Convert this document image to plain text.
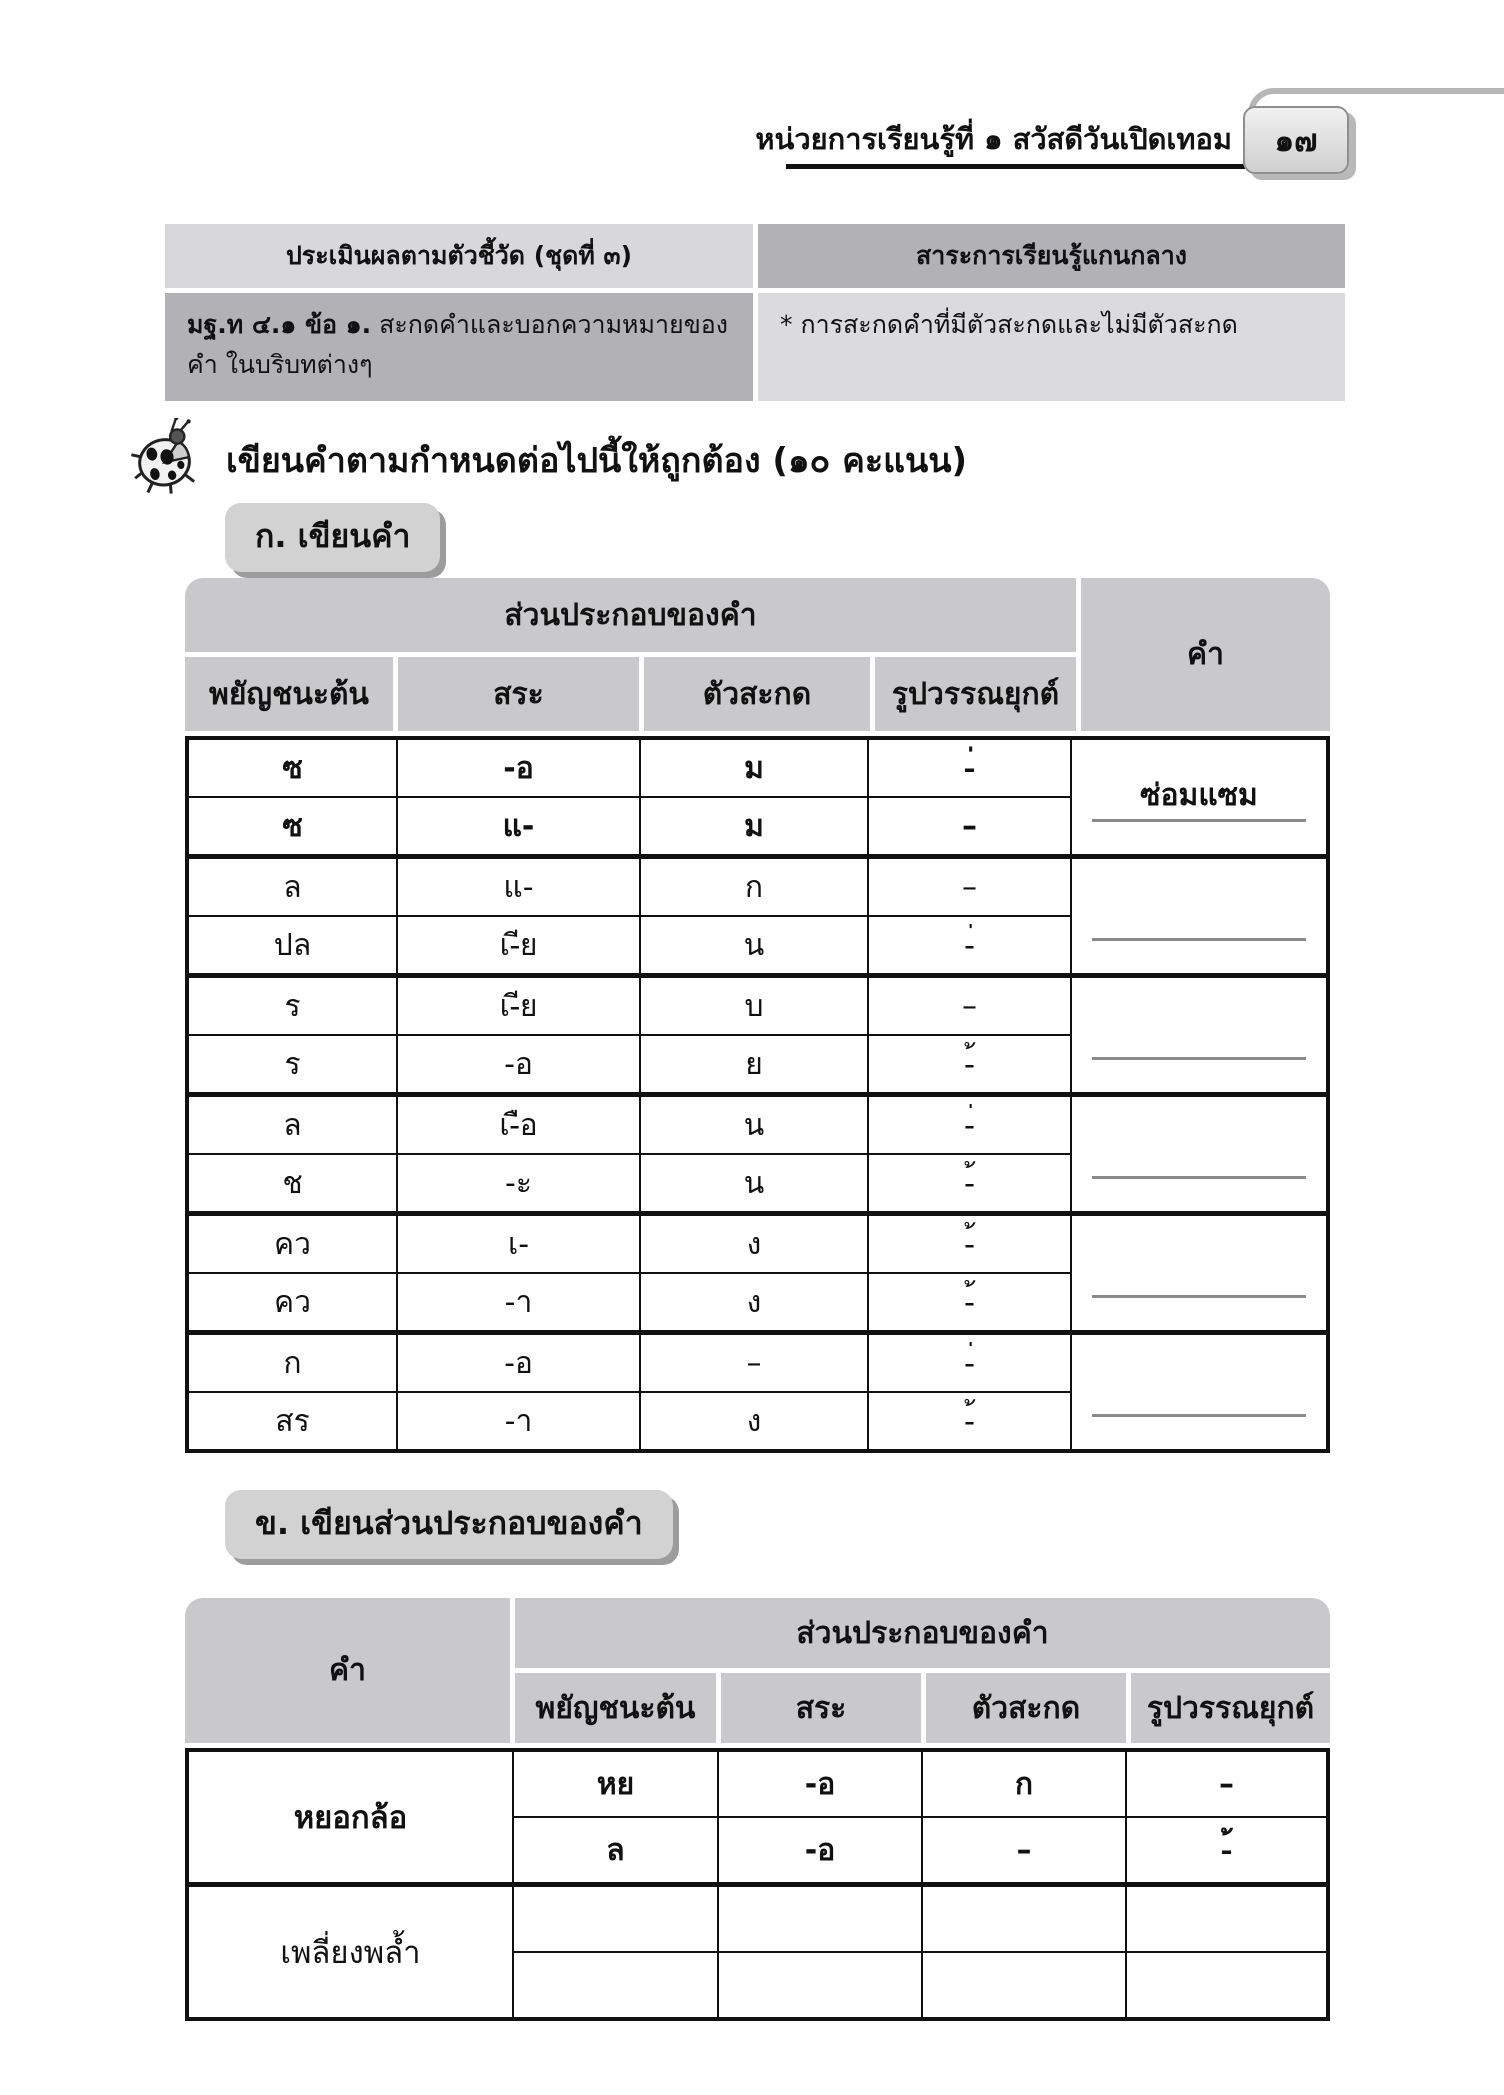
หน่วยการเรียนรู้ที่ ๑ สวัสดีวันเปิดเทอม ๑๗
ประเมินผลตามตัวชี้วัด (ชุดที่ ๓)	สาระการเรียนรู้แกนกลาง
มฐ.ท ๔.๑ ข้อ ๑. สะกดคำและบอกความหมายของคำ ในบริบทต่างๆ
* การสะกดคำที่มีตัวสะกดและไม่มีตัวสะกด
เขียนคำตามกำหนดต่อไปนี้ให้ถูกต้อง (๑๐ คะแนน)
ก. เขียนคำ
ส่วนประกอบของคำ
คำ
พยัญชนะต้น	สระ	ตัวสะกด	รูปวรรณยุกต์
ซ	-อ	ม	-่	ซ่อมแซม

ซ	แ-	ม	–	
ล	แ-	ก	–	

ปล	เ-ีย	น	-่	
ร	เ-ีย	บ	–	

ร	-อ	ย	-้	
ล	เ-ือ	น	-่	

ช	-ะ	น	-้	
คว	เ-	ง	-้	

คว	-า	ง	-้	
ก	-อ	–	-่	

สร	-า	ง	-้	
ข. เขียนส่วนประกอบของคำ
คำ
ส่วนประกอบของคำ
พยัญชนะต้น	สระ	ตัวสะกด	รูปวรรณยุกต์
หยอกล้อ	หย	-อ	ก	–
	ล	-อ	–	-้
เพลี่ยงพล้ำ				
